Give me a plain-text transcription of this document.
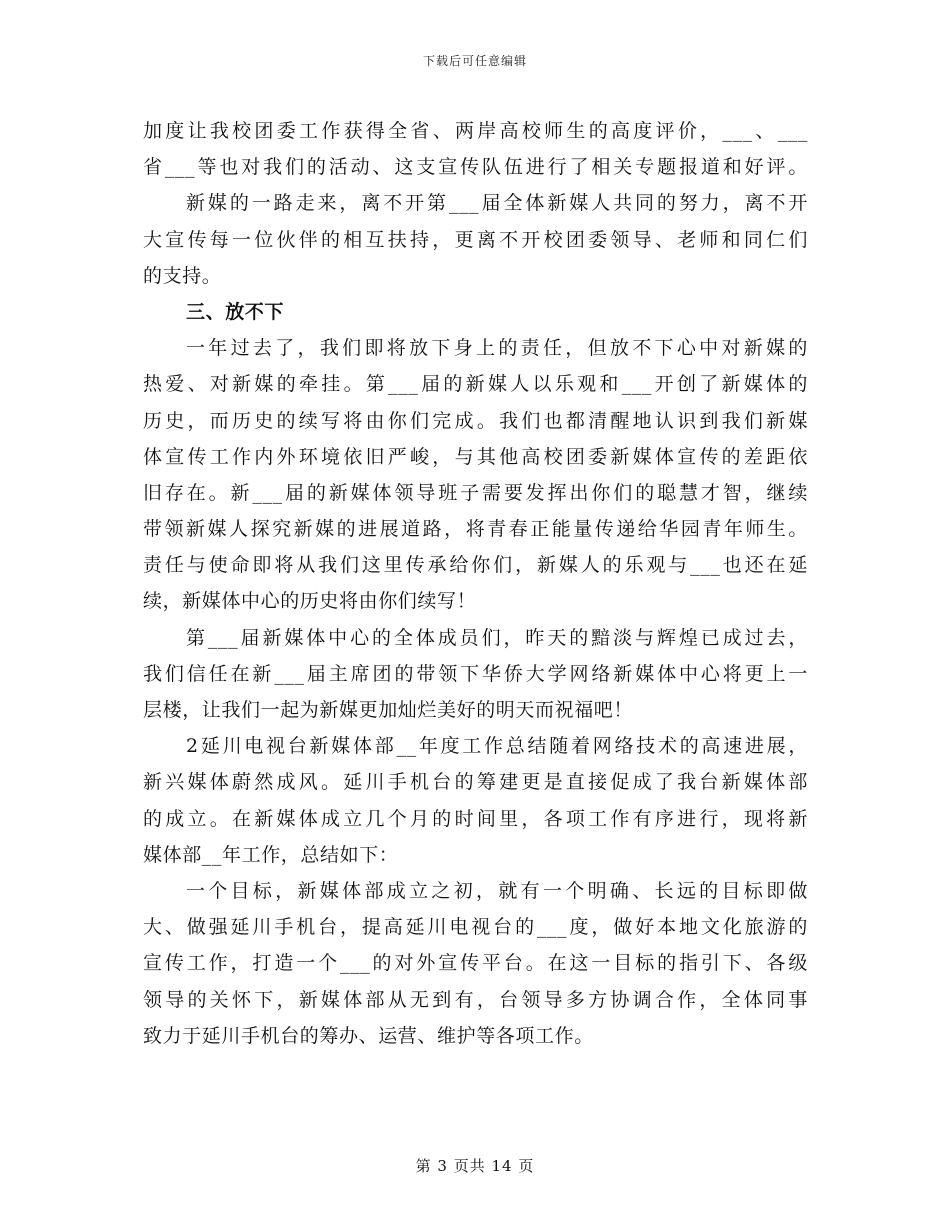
下载后可任意编辑
加度让我校团委工作获得全省、两岸高校师生的高度评价，___、___
省___等也对我们的活动、这支宣传队伍进行了相关专题报道和好评。
新媒的一路走来，离不开第___届全体新媒人共同的努力，离不开
大宣传每一位伙伴的相互扶持，更离不开校团委领导、老师和同仁们
的支持。
三、放不下
一年过去了，我们即将放下身上的责任，但放不下心中对新媒的
热爱、对新媒的牵挂。第___届的新媒人以乐观和___开创了新媒体的
历史，而历史的续写将由你们完成。我们也都清醒地认识到我们新媒
体宣传工作内外环境依旧严峻，与其他高校团委新媒体宣传的差距依
旧存在。新___届的新媒体领导班子需要发挥出你们的聪慧才智，继续
带领新媒人探究新媒的进展道路，将青春正能量传递给华园青年师生。
责任与使命即将从我们这里传承给你们，新媒人的乐观与___也还在延
续，新媒体中心的历史将由你们续写！
第___届新媒体中心的全体成员们，昨天的黯淡与辉煌已成过去，
我们信任在新___届主席团的带领下华侨大学网络新媒体中心将更上一
层楼，让我们一起为新媒更加灿烂美好的明天而祝福吧！
2延川电视台新媒体部__年度工作总结随着网络技术的高速进展，
新兴媒体蔚然成风。延川手机台的筹建更是直接促成了我台新媒体部
的成立。在新媒体成立几个月的时间里，各项工作有序进行，现将新
媒体部__年工作，总结如下：
一个目标，新媒体部成立之初，就有一个明确、长远的目标即做
大、做强延川手机台，提高延川电视台的___度，做好本地文化旅游的
宣传工作，打造一个___的对外宣传平台。在这一目标的指引下、各级
领导的关怀下，新媒体部从无到有，台领导多方协调合作，全体同事
致力于延川手机台的筹办、运营、维护等各项工作。
第 3 页共 14 页
